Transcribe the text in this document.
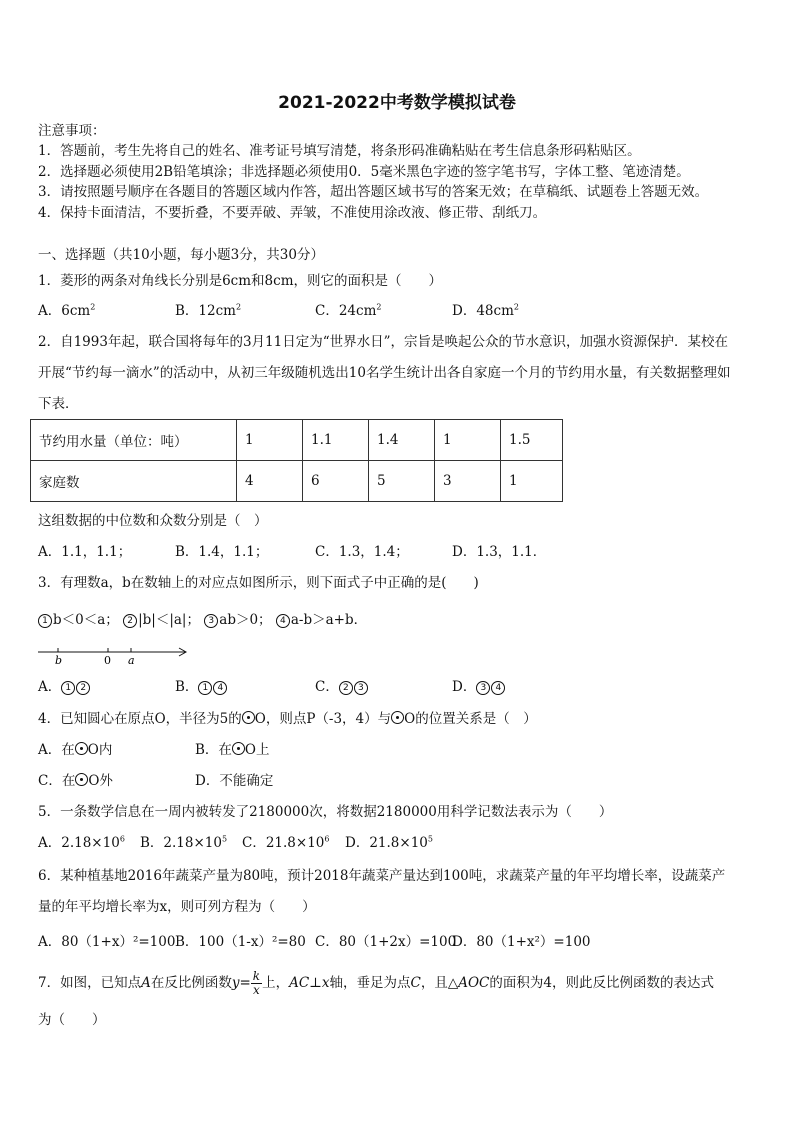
2021-2022中考数学模拟试卷
注意事项：
1．答题前，考生先将自己的姓名、准考证号填写清楚，将条形码准确粘贴在考生信息条形码粘贴区。
2．选择题必须使用2B铅笔填涂；非选择题必须使用0．5毫米黑色字迹的签字笔书写，字体工整、笔迹清楚。
3．请按照题号顺序在各题目的答题区域内作答，超出答题区域书写的答案无效；在草稿纸、试题卷上答题无效。
4．保持卡面清洁，不要折叠，不要弄破、弄皱，不准使用涂改液、修正带、刮纸刀。
一、选择题（共10小题，每小题3分，共30分）
1．菱形的两条对角线长分别是6cm和8cm，则它的面积是（　　）
A．$6cm^2$	B．$12cm^2$	C．$24cm^2$	D．$48cm^2$
2．自1993年起，联合国将每年的3月11日定为“世界水日”，宗旨是唤起公众的节水意识，加强水资源保护．某校在
开展“节约每一滴水”的活动中，从初三年级随机选出10名学生统计出各自家庭一个月的节约用水量，有关数据整理如
下表．
节约用水量（单位：吨）	1	1.1	1.4	1	1.5
家庭数	4	6	5	3	1
这组数据的中位数和众数分别是（　）
A．1.1，1.1；	B．1.4，1.1；	C．1.3，1.4；	D．1.3，1.1．
3．有理数a，b在数轴上的对应点如图所示，则下面式子中正确的是(　　)
1 b＜0＜a； 2 |b|＜|a|； 3 ab＞0； 4 a-b＞a+b．
b	0 a
A． 1 2	B． 1 4	C． 2 3	D． 3 4
4．已知圆心在原点O，半径为5的 O，则点P（-3，4）与 O的位置关系是（　）
A．在 O内	B．在 O上
C．在 O外	D．不能确定
5．一条数学信息在一周内被转发了2180000次，将数据2180000用科学记数法表示为（　　）
A．$2.18\times 10^6$ B．$2.18\times 10^5$ C．$21.8\times 10^6$ D．$21.8\times 10^5$
6．某种植基地2016年蔬菜产量为80吨，预计2018年蔬菜产量达到100吨，求蔬菜产量的年平均增长率，设蔬菜产
量的年平均增长率为x，则可列方程为（　　）
A．80（1+x）²=100 B．100（1-x）²=80 C．80（1+2x）=100
D．80（1+x²）=100
7．如图，已知点A在反比例函数$y= \frac{k}{x}$ 上，AC⊥x轴，垂足为点C，且△AOC的面积为4，则此反比例函数的表达式
为（　　）
